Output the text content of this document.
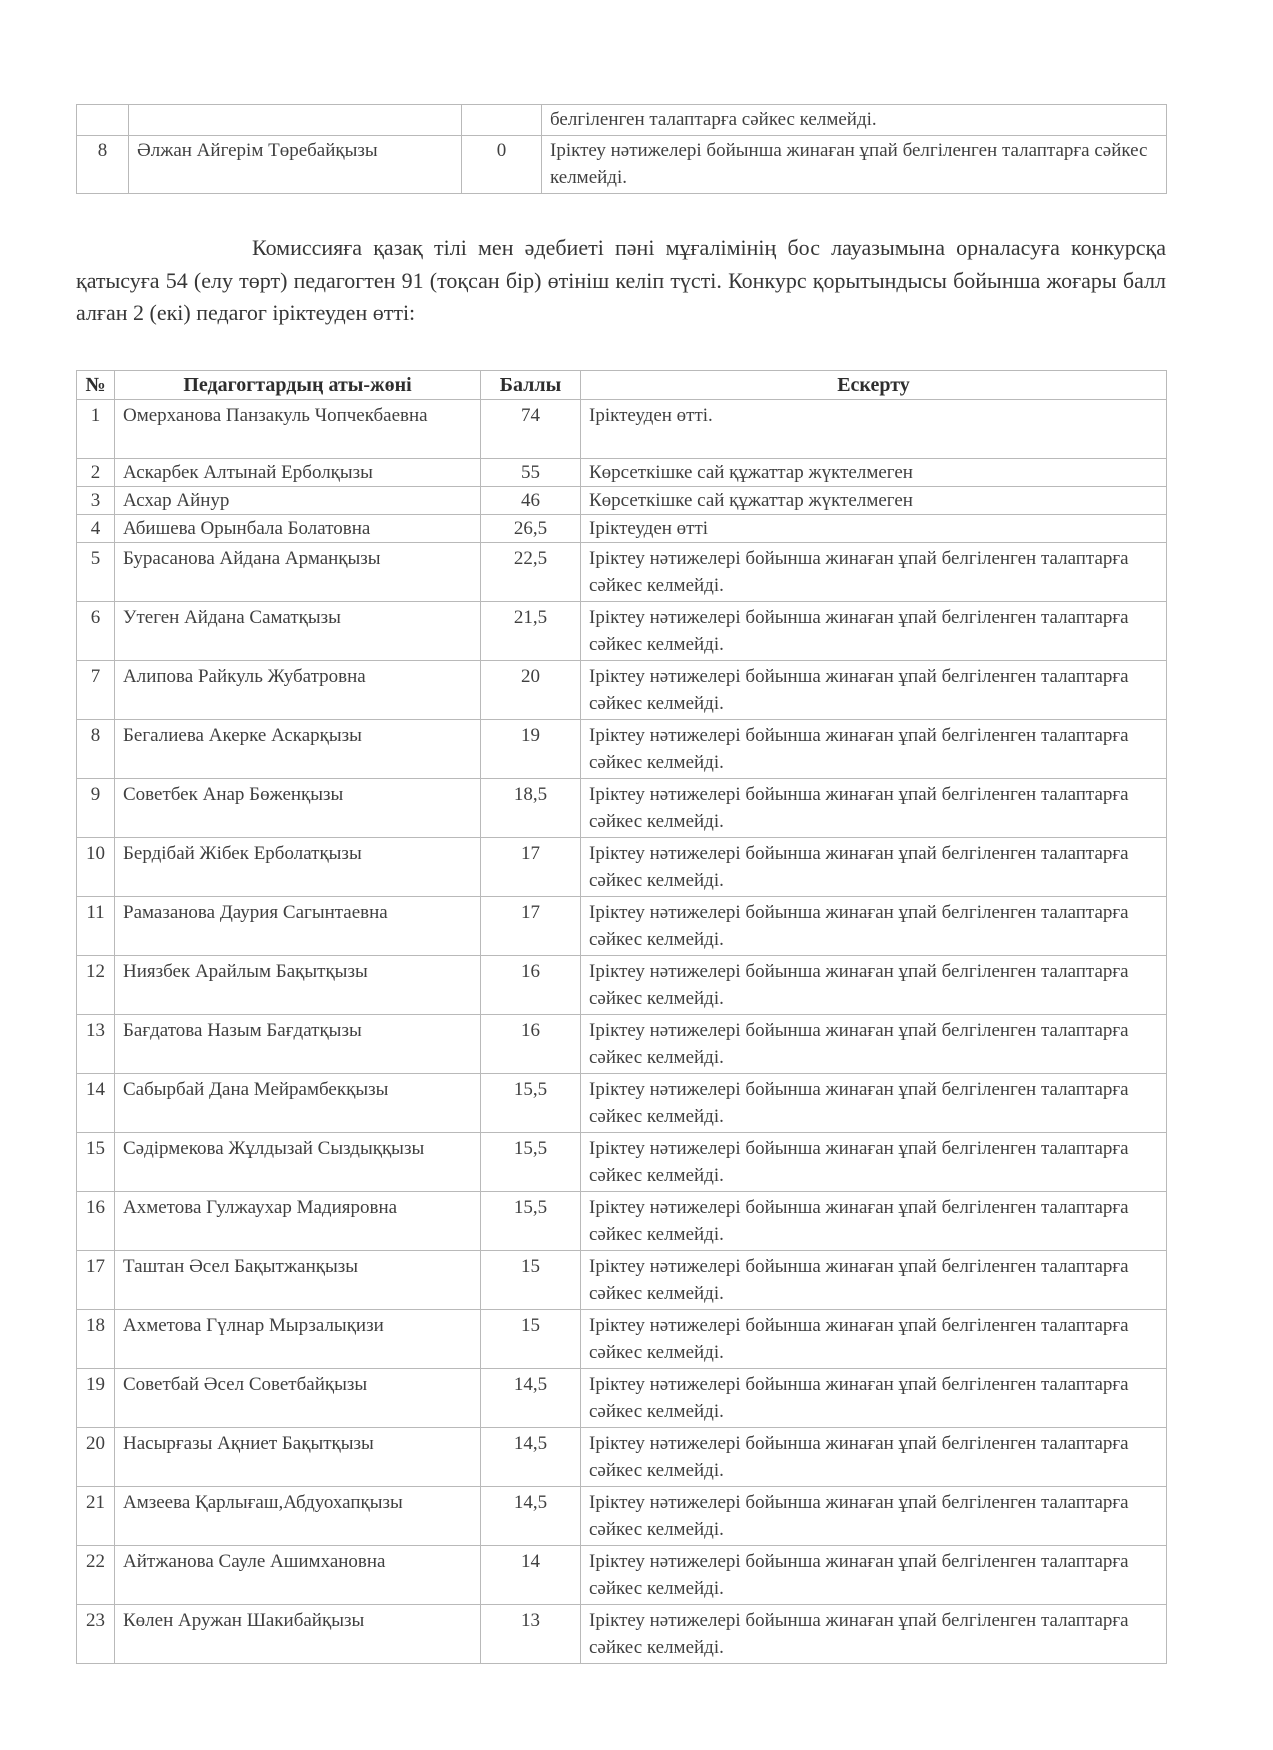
			белгіленген талаптарға сәйкес келмейді.
8	Әлжан Айгерім Төребайқызы	0	Іріктеу нәтижелері бойынша жинаған ұпай белгіленген талаптарға сәйкес келмейді.
Комиссияға қазақ тілі мен әдебиеті пәні мұғалімінің бос лауазымына орналасуға конкурсқа қатысуға 54 (елу төрт) педагогтен 91 (тоқсан бір) өтініш келіп түсті. Конкурс қорытындысы бойынша жоғары балл алған 2 (екі) педагог іріктеуден өтті:
№	Педагогтардың аты-жөні	Баллы	Ескерту
1	Омерханова Панзакуль Чопчекбаевна	74	Іріктеуден өтті.
2	Аскарбек Алтынай Ерболқызы	55	Көрсеткішке сай құжаттар жүктелмеген
3	Асхар Айнур	46	Көрсеткішке сай құжаттар жүктелмеген
4	Абишева Орынбала Болатовна	26,5	Іріктеуден өтті
5	Бурасанова Айдана Арманқызы	22,5	Іріктеу нәтижелері бойынша жинаған ұпай белгіленген талаптарға сәйкес келмейді.
6	Утеген Айдана Саматқызы	21,5	Іріктеу нәтижелері бойынша жинаған ұпай белгіленген талаптарға сәйкес келмейді.
7	Алипова Райкуль Жубатровна	20	Іріктеу нәтижелері бойынша жинаған ұпай белгіленген талаптарға сәйкес келмейді.
8	Бегалиева Акерке Аскарқызы	19	Іріктеу нәтижелері бойынша жинаған ұпай белгіленген талаптарға сәйкес келмейді.
9	Советбек Анар Бөженқызы	18,5	Іріктеу нәтижелері бойынша жинаған ұпай белгіленген талаптарға сәйкес келмейді.
10	Бердібай Жібек Ерболатқызы	17	Іріктеу нәтижелері бойынша жинаған ұпай белгіленген талаптарға сәйкес келмейді.
11	Рамазанова Даурия Сагынтаевна	17	Іріктеу нәтижелері бойынша жинаған ұпай белгіленген талаптарға сәйкес келмейді.
12	Ниязбек Арайлым Бақытқызы	16	Іріктеу нәтижелері бойынша жинаған ұпай белгіленген талаптарға сәйкес келмейді.
13	Бағдатова Назым Бағдатқызы	16	Іріктеу нәтижелері бойынша жинаған ұпай белгіленген талаптарға сәйкес келмейді.
14	Сабырбай Дана Мейрамбекқызы	15,5	Іріктеу нәтижелері бойынша жинаған ұпай белгіленген талаптарға сәйкес келмейді.
15	Сәдірмекова Жұлдызай Сыздыққызы	15,5	Іріктеу нәтижелері бойынша жинаған ұпай белгіленген талаптарға сәйкес келмейді.
16	Ахметова Гулжаухар Мадияровна	15,5	Іріктеу нәтижелері бойынша жинаған ұпай белгіленген талаптарға сәйкес келмейді.
17	Таштан Әсел Бақытжанқызы	15	Іріктеу нәтижелері бойынша жинаған ұпай белгіленген талаптарға сәйкес келмейді.
18	Ахметова Гүлнар Мырзалықизи	15	Іріктеу нәтижелері бойынша жинаған ұпай белгіленген талаптарға сәйкес келмейді.
19	Советбай Әсел Советбайқызы	14,5	Іріктеу нәтижелері бойынша жинаған ұпай белгіленген талаптарға сәйкес келмейді.
20	Насырғазы Ақниет Бақытқызы	14,5	Іріктеу нәтижелері бойынша жинаған ұпай белгіленген талаптарға сәйкес келмейді.
21	Амзеева Қарлығаш,Абдуохапқызы	14,5	Іріктеу нәтижелері бойынша жинаған ұпай белгіленген талаптарға сәйкес келмейді.
22	Айтжанова Сауле Ашимхановна	14	Іріктеу нәтижелері бойынша жинаған ұпай белгіленген талаптарға сәйкес келмейді.
23	Көлен Аружан Шакибайқызы	13	Іріктеу нәтижелері бойынша жинаған ұпай белгіленген талаптарға сәйкес келмейді.
